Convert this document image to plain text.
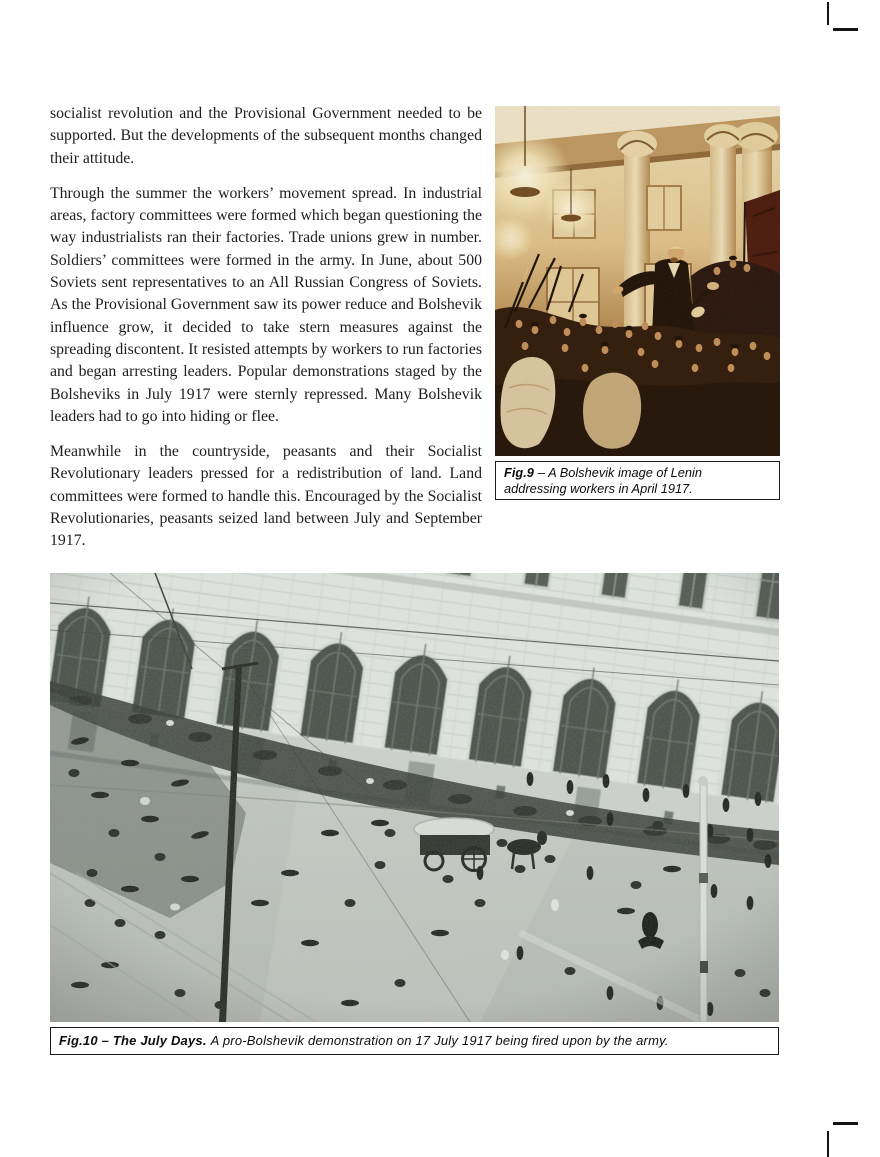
socialist revolution and the Provisional Government needed to be supported. But the developments of the subsequent months changed their attitude.

Through the summer the workers’ movement spread. In industrial areas, factory committees were formed which began questioning the way industrialists ran their factories. Trade unions grew in number. Soldiers’ committees were formed in the army. In June, about 500 Soviets sent representatives to an All Russian Congress of Soviets. As the Provisional Government saw its power reduce and Bolshevik influence grow, it decided to take stern measures against the spreading discontent. It resisted attempts by workers to run factories and began arresting leaders. Popular demonstrations staged by the Bolsheviks in July 1917 were sternly repressed. Many Bolshevik leaders had to go into hiding or flee.

Meanwhile in the countryside, peasants and their Socialist Revolutionary leaders pressed for a redistribution of land. Land committees were formed to handle this. Encouraged by the Socialist Revolutionaries, peasants seized land between July and September 1917.

Fig.9 – A Bolshevik image of Lenin addressing workers in April 1917.
Fig.10 – The July Days. A pro-Bolshevik demonstration on 17 July 1917 being fired upon by the army.
